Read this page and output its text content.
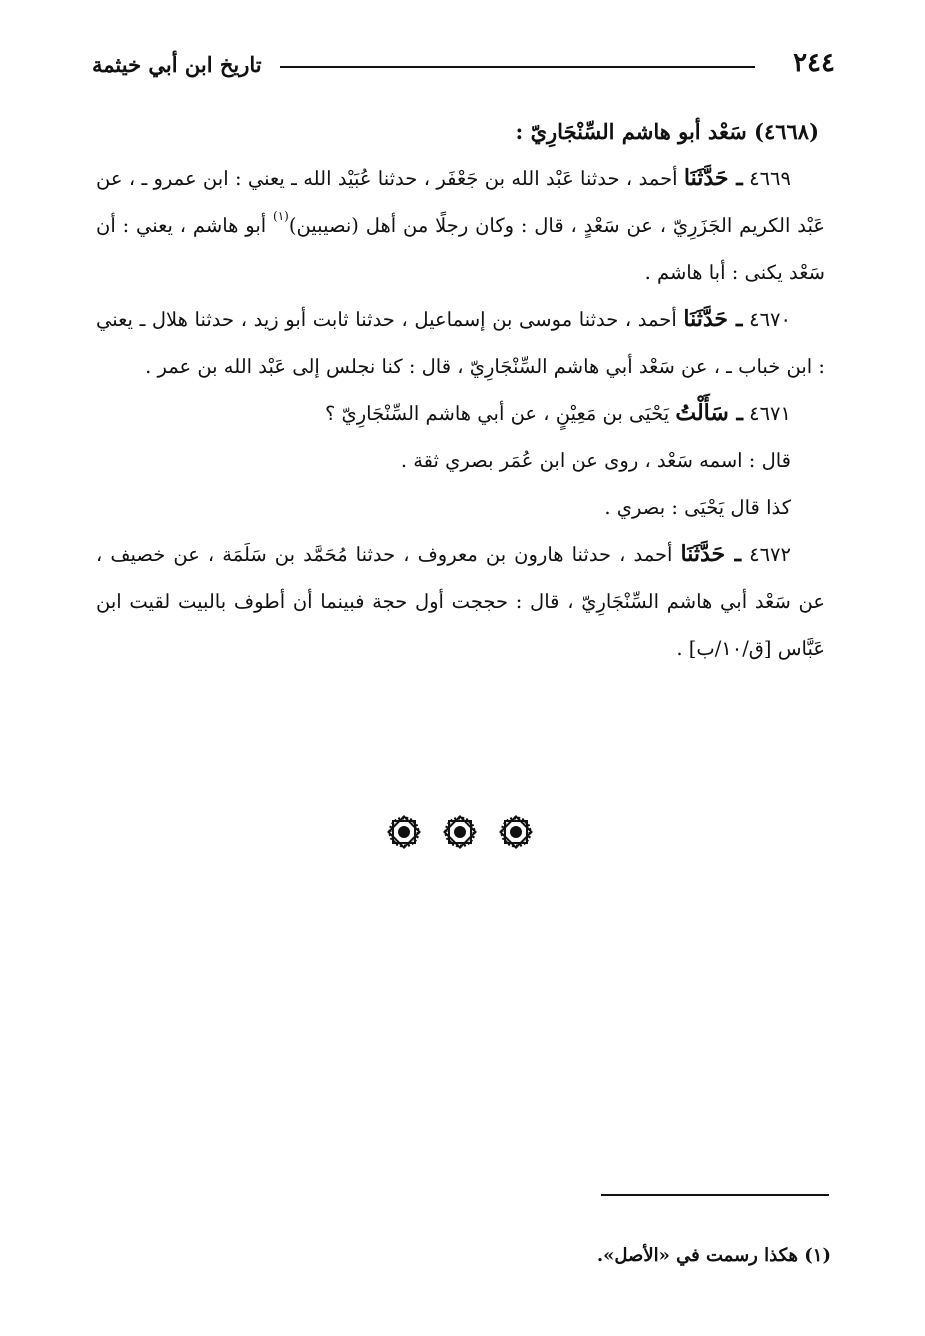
٢٤٤
تاريخ ابن أبي خيثمة

(٤٦٦٨) سَعْد أبو هاشم السِّنْجَارِيّ :

٤٦٦٩ ـ حَدَّثَنَا أحمد ، حدثنا عَبْد الله بن جَعْفَر ، حدثنا عُبَيْد الله ـ يعني : ابن عمرو ـ ، عن عَبْد الكريم الجَزَرِيّ ، عن سَعْدٍ ، قال : وكان رجلًا من أهل (نصيبين)$^{(١)}$ أبو هاشم ، يعني : أن سَعْد يكنى : أبا هاشم .

٤٦٧٠ ـ حَدَّثَنَا أحمد ، حدثنا موسى بن إسماعيل ، حدثنا ثابت أبو زيد ، حدثنا هلال ـ يعني : ابن خباب ـ ، عن سَعْد أبي هاشم السِّنْجَارِيّ ، قال : كنا نجلس إلى عَبْد الله بن عمر .

٤٦٧١ ـ سَأَلْتُ يَحْيَى بن مَعِيْنٍ ، عن أبي هاشم السِّنْجَارِيّ ؟

قال : اسمه سَعْد ، روى عن ابن عُمَر بصري ثقة .

كذا قال يَحْيَى : بصري .

٤٦٧٢ ـ حَدَّثَنَا أحمد ، حدثنا هارون بن معروف ، حدثنا مُحَمَّد بن سَلَمَة ، عن خصيف ، عن سَعْد أبي هاشم السِّنْجَارِيّ ، قال : حججت أول حجة فبينما أن أطوف بالبيت لقيت ابن عَبَّاس [ق/١٠/ب] .

(١) هكذا رسمت في «الأصل».
